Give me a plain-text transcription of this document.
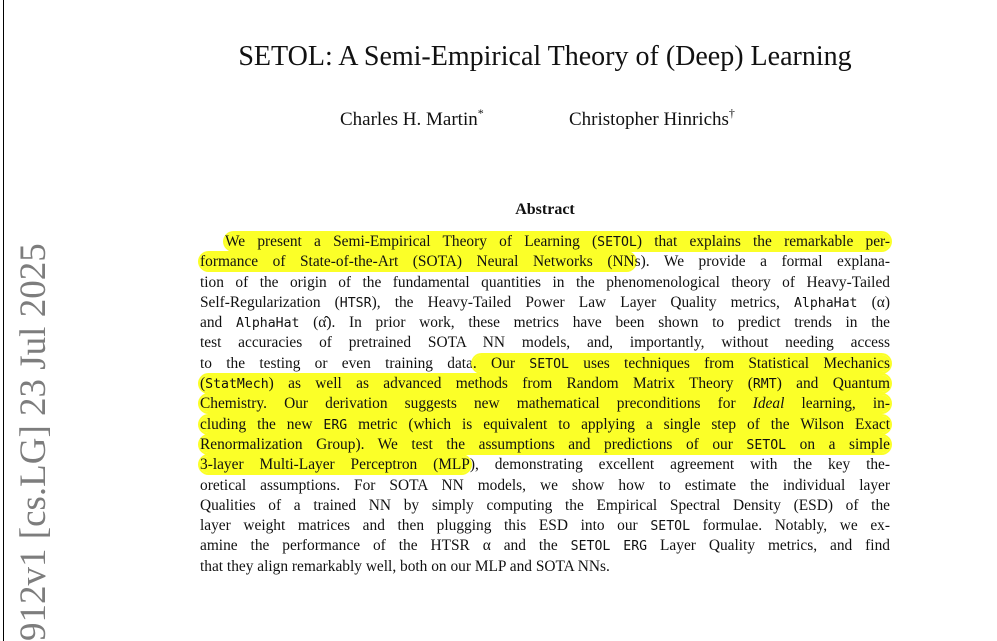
912v1 [cs.LG] 23 Jul 2025
SETOL: A Semi-Empirical Theory of (Deep) Learning
Charles H. Martin*	Christopher Hinrichs†
Abstract
We present a Semi-Empirical Theory of Learning (SETOL) that explains the remarkable per-
formance of State-of-the-Art (SOTA) Neural Networks (NNs). We provide a formal explana-
tion of the origin of the fundamental quantities in the phenomenological theory of Heavy-Tailed
Self-Regularization (HTSR), the Heavy-Tailed Power Law Layer Quality metrics, AlphaHat (α)
and AlphaHat (α̂). In prior work, these metrics have been shown to predict trends in the
test accuracies of pretrained SOTA NN models, and, importantly, without needing access
to the testing or even training data. Our SETOL uses techniques from Statistical Mechanics
(StatMech) as well as advanced methods from Random Matrix Theory (RMT) and Quantum
Chemistry. Our derivation suggests new mathematical preconditions for Ideal learning, in-
cluding the new ERG metric (which is equivalent to applying a single step of the Wilson Exact
Renormalization Group). We test the assumptions and predictions of our SETOL on a simple
3-layer Multi-Layer Perceptron (MLP), demonstrating excellent agreement with the key the-
oretical assumptions. For SOTA NN models, we show how to estimate the individual layer
Qualities of a trained NN by simply computing the Empirical Spectral Density (ESD) of the
layer weight matrices and then plugging this ESD into our SETOL formulae. Notably, we ex-
amine the performance of the HTSR α and the SETOL ERG Layer Quality metrics, and find
that they align remarkably well, both on our MLP and SOTA NNs.
